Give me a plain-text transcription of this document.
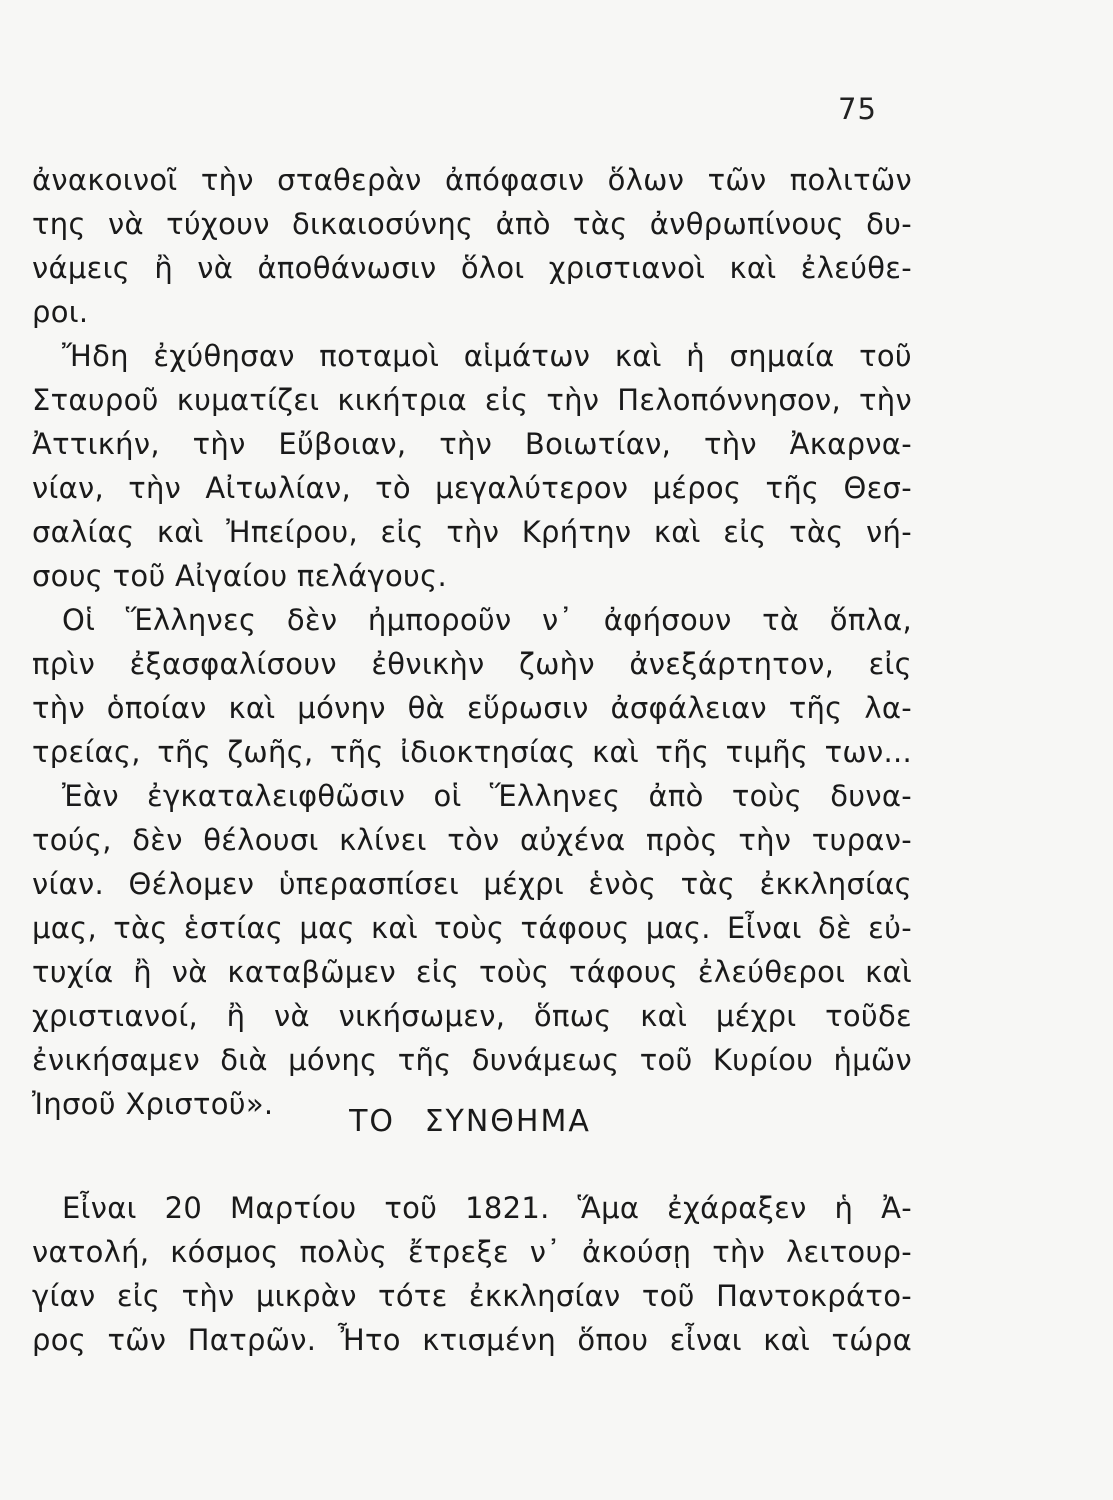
75
ἀνακοινοῖ τὴν σταθερὰν ἀπόφασιν ὅλων τῶν πολιτῶν
της νὰ τύχουν δικαιοσύνης ἀπὸ τὰς ἀνθρωπίνους δυ-
νάμεις ἢ νὰ ἀποθάνωσιν ὅλοι χριστιανοὶ καὶ ἐλεύθε-
ροι.
Ἤδη ἐχύθησαν ποταμοὶ αἱμάτων καὶ ἡ σημαία τοῦ
Σταυροῦ κυματίζει κικήτρια εἰς τὴν Πελοπόννησον, τὴν
Ἀττικήν, τὴν Εὔβοιαν, τὴν Βοιωτίαν, τὴν Ἀκαρνα-
νίαν, τὴν Αἰτωλίαν, τὸ μεγαλύτερον μέρος τῆς Θεσ-
σαλίας καὶ Ἠπείρου, εἰς τὴν Κρήτην καὶ εἰς τὰς νή-
σους τοῦ Αἰγαίου πελάγους.
Οἱ Ἕλληνες δὲν ἠμποροῦν ν᾽ ἀφήσουν τὰ ὅπλα,
πρὶν ἐξασφαλίσουν ἐθνικὴν ζωὴν ἀνεξάρτητον, εἰς
τὴν ὁποίαν καὶ μόνην θὰ εὕρωσιν ἀσφάλειαν τῆς λα-
τρείας, τῆς ζωῆς, τῆς ἰδιοκτησίας καὶ τῆς τιμῆς των...
Ἐὰν ἐγκαταλειφθῶσιν οἱ Ἕλληνες ἀπὸ τοὺς δυνα-
τούς, δὲν θέλουσι κλίνει τὸν αὐχένα πρὸς τὴν τυραν-
νίαν. Θέλομεν ὑπερασπίσει μέχρι ἑνὸς τὰς ἐκκλησίας
μας, τὰς ἑστίας μας καὶ τοὺς τάφους μας. Εἶναι δὲ εὐ-
τυχία ἢ νὰ καταβῶμεν εἰς τοὺς τάφους ἐλεύθεροι καὶ
χριστιανοί, ἢ νὰ νικήσωμεν, ὅπως καὶ μέχρι τοῦδε
ἐνικήσαμεν διὰ μόνης τῆς δυνάμεως τοῦ Κυρίου ἡμῶν
Ἰησοῦ Χριστοῦ».	ΤΟ ΣΥΝΘΗΜΑ
Εἶναι 20 Μαρτίου τοῦ 1821. Ἅμα ἐχάραξεν ἡ Ἀ-
νατολή, κόσμος πολὺς ἔτρεξε ν᾽ ἀκούσῃ τὴν λειτουρ-
γίαν εἰς τὴν μικρὰν τότε ἐκκλησίαν τοῦ Παντοκράτο-
ρος τῶν Πατρῶν. Ἦτο κτισμένη ὅπου εἶναι καὶ τώρα
